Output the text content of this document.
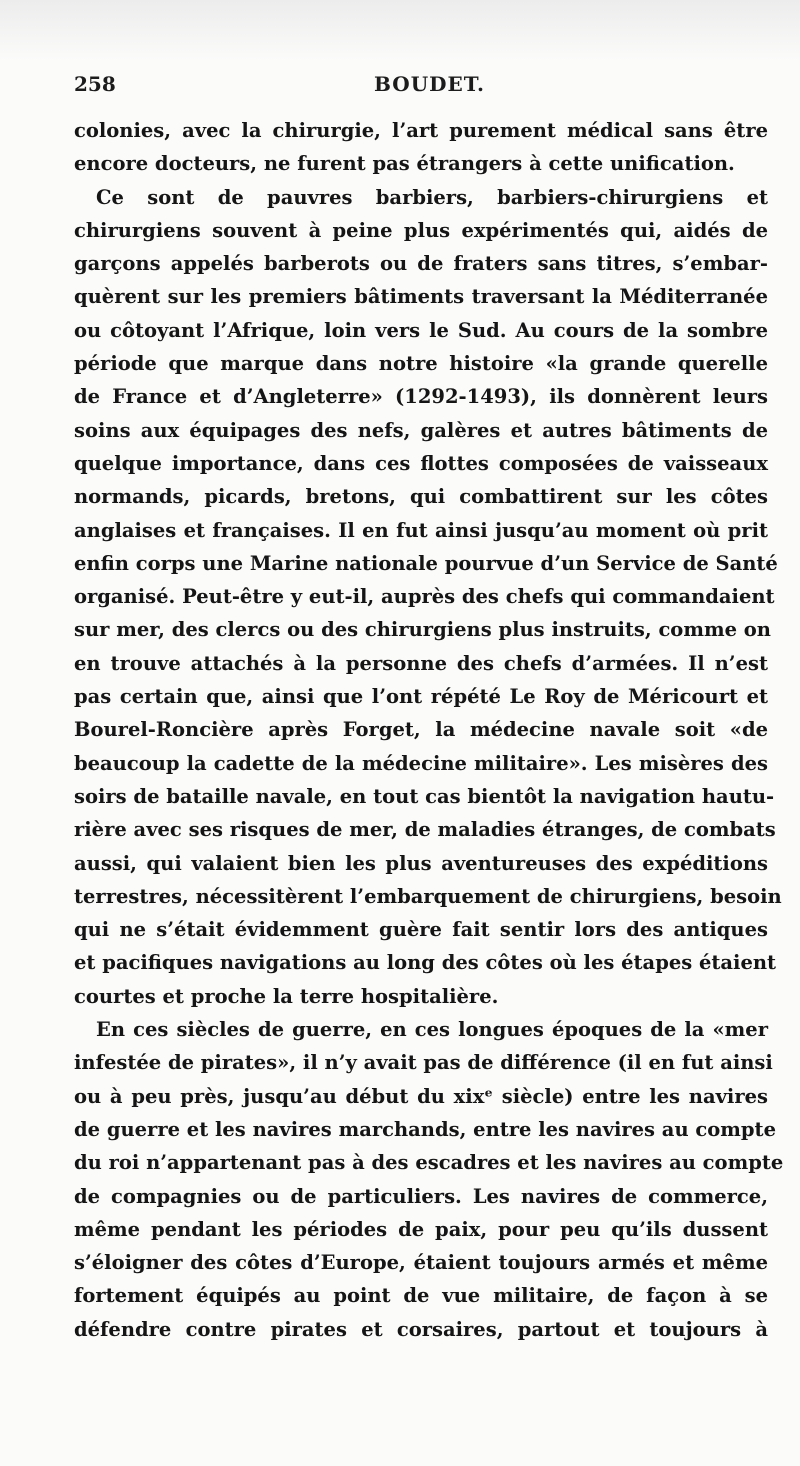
258	BOUDET.
colonies, avec la chirurgie, l’art purement médical sans être
encore docteurs, ne furent pas étrangers à cette unification.
Ce sont de pauvres barbiers, barbiers-chirurgiens et
chirurgiens souvent à peine plus expérimentés qui, aidés de
garçons appelés barberots ou de fraters sans titres, s’embar-
quèrent sur les premiers bâtiments traversant la Méditerranée
ou côtoyant l’Afrique, loin vers le Sud. Au cours de la sombre
période que marque dans notre histoire «la grande querelle
de France et d’Angleterre» (1292-1493), ils donnèrent leurs
soins aux équipages des nefs, galères et autres bâtiments de
quelque importance, dans ces flottes composées de vaisseaux
normands, picards, bretons, qui combattirent sur les côtes
anglaises et françaises. Il en fut ainsi jusqu’au moment où prit
enfin corps une Marine nationale pourvue d’un Service de Santé
organisé. Peut-être y eut-il, auprès des chefs qui commandaient
sur mer, des clercs ou des chirurgiens plus instruits, comme on
en trouve attachés à la personne des chefs d’armées. Il n’est
pas certain que, ainsi que l’ont répété Le Roy de Méricourt et
Bourel-Roncière après Forget, la médecine navale soit «de
beaucoup la cadette de la médecine militaire». Les misères des
soirs de bataille navale, en tout cas bientôt la navigation hautu-
rière avec ses risques de mer, de maladies étranges, de combats
aussi, qui valaient bien les plus aventureuses des expéditions
terrestres, nécessitèrent l’embarquement de chirurgiens, besoin
qui ne s’était évidemment guère fait sentir lors des antiques
et pacifiques navigations au long des côtes où les étapes étaient
courtes et proche la terre hospitalière.
En ces siècles de guerre, en ces longues époques de la «mer
infestée de pirates», il n’y avait pas de différence (il en fut ainsi
ou à peu près, jusqu’au début du xixᵉ siècle) entre les navires
de guerre et les navires marchands, entre les navires au compte
du roi n’appartenant pas à des escadres et les navires au compte
de compagnies ou de particuliers. Les navires de commerce,
même pendant les périodes de paix, pour peu qu’ils dussent
s’éloigner des côtes d’Europe, étaient toujours armés et même
fortement équipés au point de vue militaire, de façon à se
défendre contre pirates et corsaires, partout et toujours à
